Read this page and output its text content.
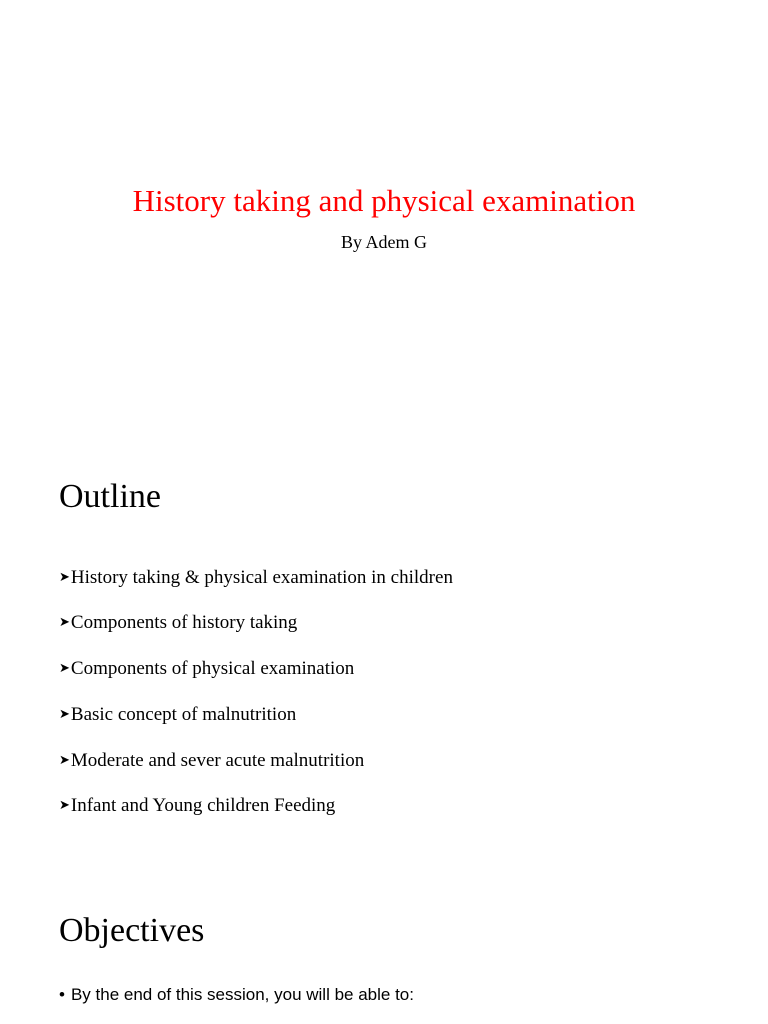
History taking and physical examination
By Adem G
Outline
➤History taking & physical examination in children
➤Components of history taking
➤Components of physical examination
➤Basic concept of malnutrition
➤Moderate and sever acute malnutrition
➤Infant and Young children Feeding
Objectives
• By the end of this session, you will be able to:
